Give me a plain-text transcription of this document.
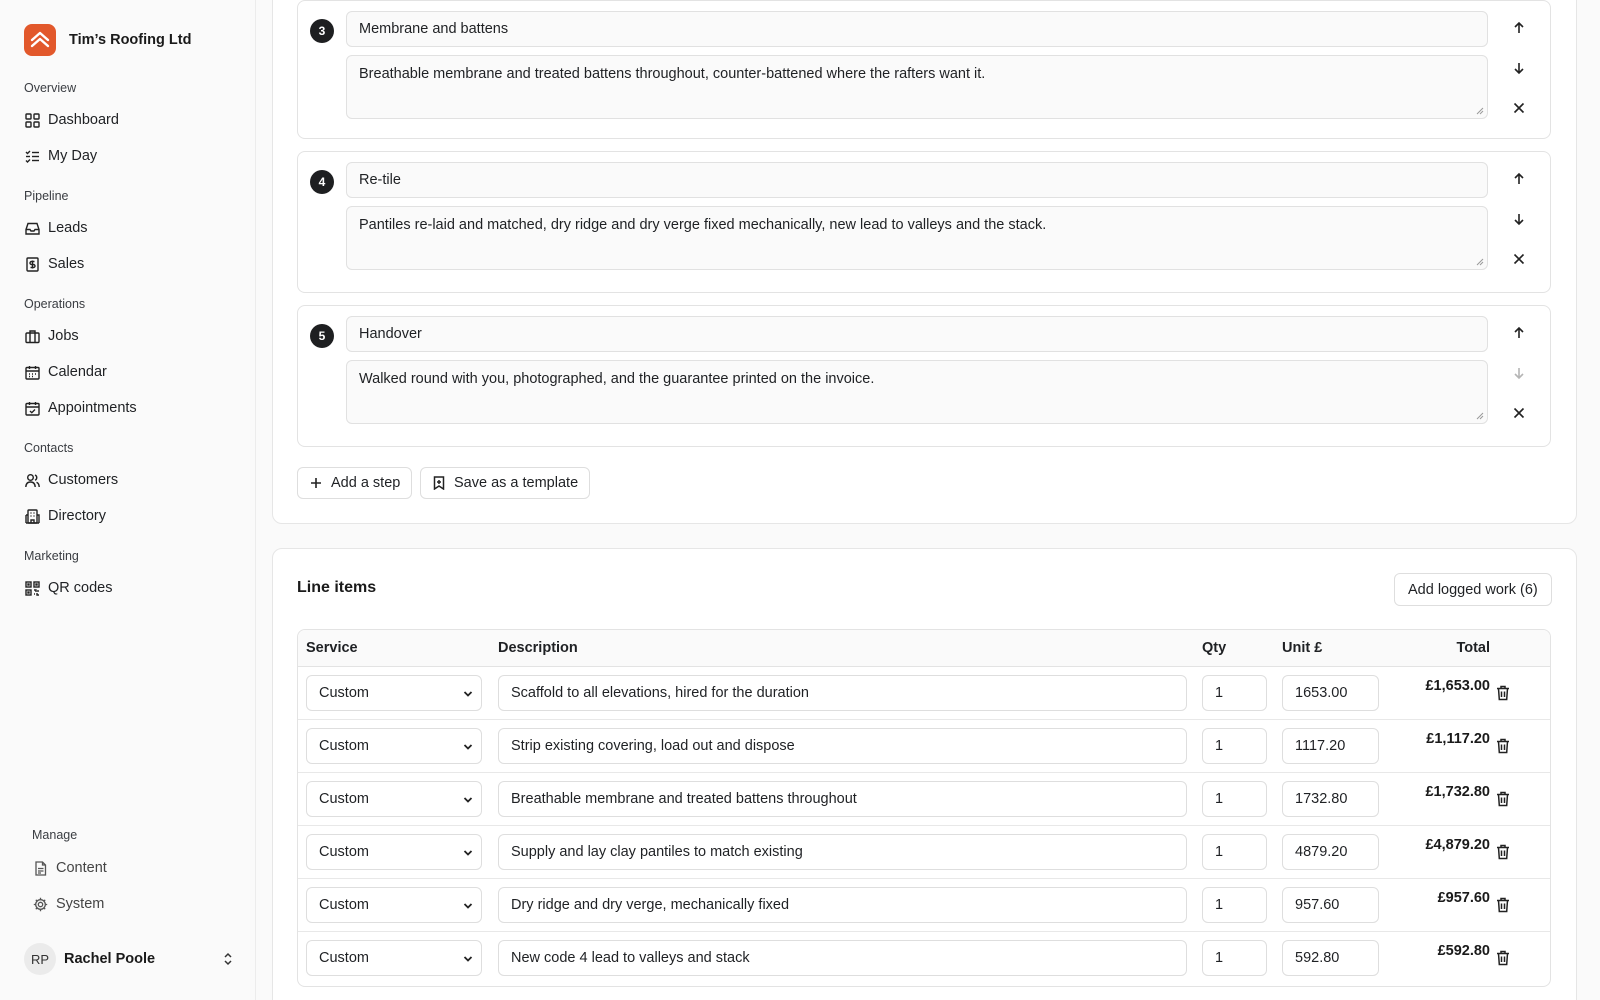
Tim’s Roofing Ltd
Overview
Dashboard
My Day
Pipeline
Leads
Sales
Operations
Jobs
Calendar
Appointments
Contacts
Customers
Directory
Marketing
QR codes
Manage
Content
System
RP	Rachel Poole
3	Membrane and battens
Breathable membrane and treated battens throughout, counter-battened where the rafters want it.
4	Re-tile
Pantiles re-laid and matched, dry ridge and dry verge fixed mechanically, new lead to valleys and the stack.
5	Handover
Walked round with you, photographed, and the guarantee printed on the invoice.
Add a step	Save as a template
Line items	Add logged work (6)
Service	Description	Qty	Unit £	Total
Custom	Scaffold to all elevations, hired for the duration	1	1653.00	£1,653.00
Custom	Strip existing covering, load out and dispose	1	1117.20	£1,117.20
Custom	Breathable membrane and treated battens throughout	1	1732.80	£1,732.80
Custom	Supply and lay clay pantiles to match existing	1	4879.20	£4,879.20
Custom	Dry ridge and dry verge, mechanically fixed	1	957.60	£957.60
Custom	New code 4 lead to valleys and stack	1	592.80	£592.80
